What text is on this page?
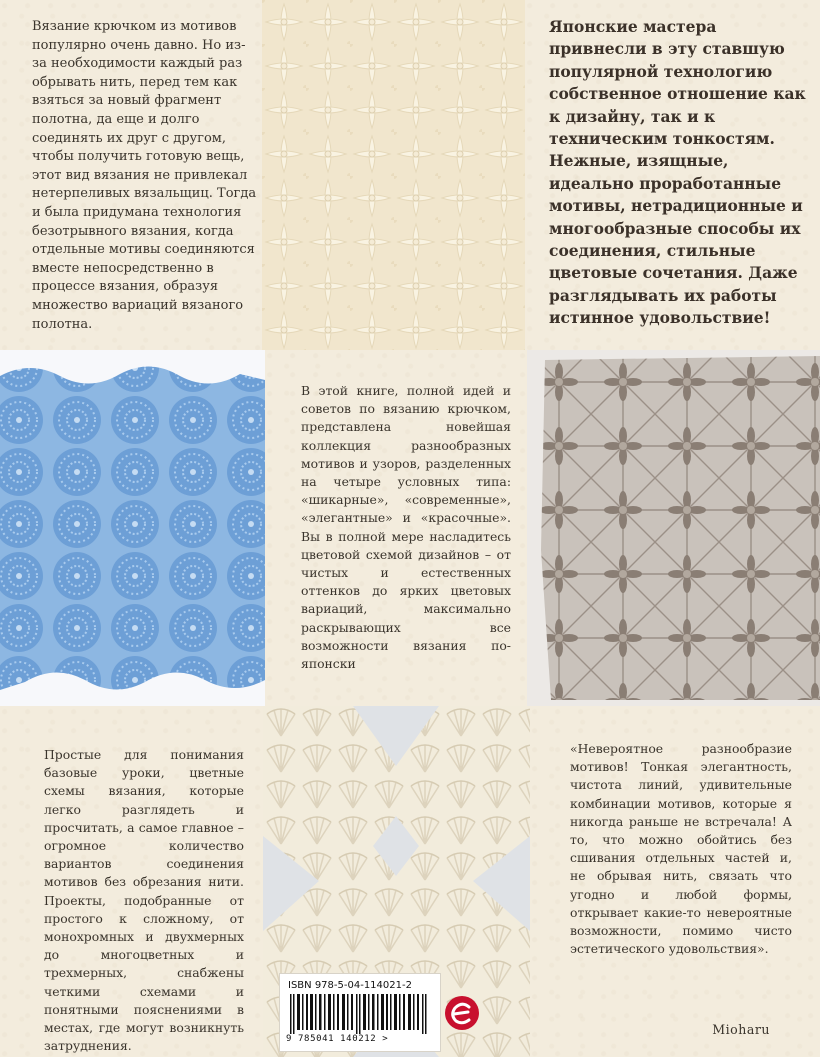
Вязание крючком из мотивов популярно очень давно. Но из-за необходимости каждый раз обрывать нить, перед тем как взяться за новый фрагмент полотна, да еще и долго соединять их друг с другом, чтобы получить готовую вещь, этот вид вязания не привлекал нетерпеливых вязальщиц. Тогда и была придумана технология безотрывного вязания, когда отдельные мотивы соединяются вместе непосредственно в процессе вязания, образуя множество вариаций вязаного полотна.

Японские мастера привнесли в эту ставшую популярной технологию собственное отношение как к дизайну, так и к техническим тонкостям. Нежные, изящные, идеально проработанные мотивы, нетрадиционные и многообразные способы их соединения, стильные цветовые сочетания. Даже разглядывать их работы истинное удовольствие!

В этой книге, полной идей и советов по вязанию крючком, представлена новейшая коллекция разнообразных мотивов и узоров, разделенных на четыре условных типа: «шикарные», «современные», «элегантные» и «красочные». Вы в полной мере насладитесь цветовой схемой дизайнов – от чистых и естественных оттенков до ярких цветовых вариаций, максимально раскрывающих все возможности вязания по-японски

Простые для понимания базовые уроки, цветные схемы вязания, которые легко разглядеть и просчитать, а самое главное – огромное количество вариантов соединения мотивов без обрезания нити. Проекты, подобранные от простого к сложному, от монохромных и двухмерных до многоцветных и трехмерных, снабжены четкими схемами и понятными пояснениями в местах, где могут возникнуть затруднения.

«Невероятное разнообразие мотивов! Тонкая элегантность, чистота линий, удивительные комбинации мотивов, которые я никогда раньше не встречала! А то, что можно обойтись без сшивания отдельных частей и, не обрывая нить, связать что угодно и любой формы, открывает какие-то невероятные возможности, помимо чисто эстетического удовольствия».

Mioharu
ISBN 978-5-04-114021-2
9 785041 140212 >
